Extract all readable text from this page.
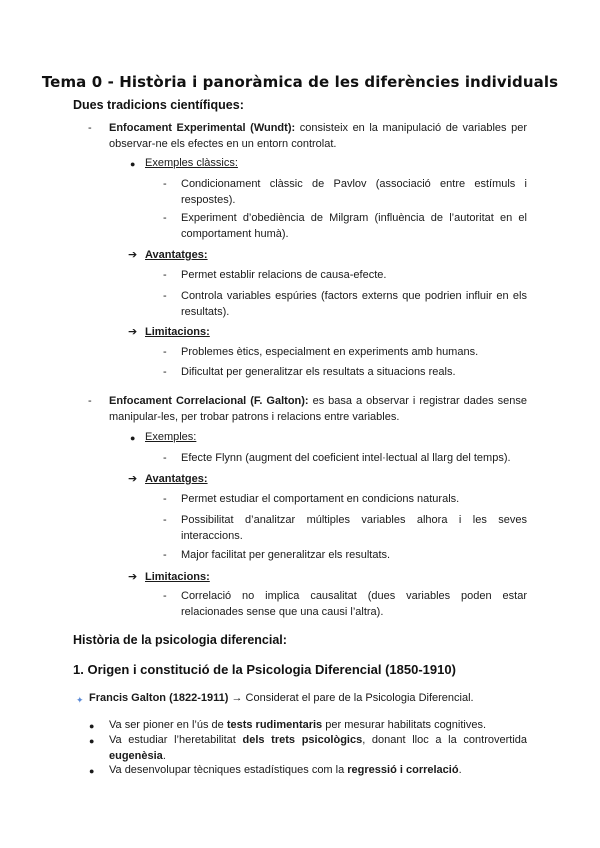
Tema 0 - Història i panoràmica de les diferències individuals
Dues tradicions científiques:
- Enfocament Experimental (Wundt): consisteix en la manipulació de variables per observar-ne els efectes en un entorn controlat.
● Exemples clàssics:
- Condicionament clàssic de Pavlov (associació entre estímuls i respostes).
- Experiment d’obediència de Milgram (influència de l’autoritat en el comportament humà).
➔ Avantatges:
- Permet establir relacions de causa-efecte.
- Controla variables espúries (factors externs que podrien influir en els resultats).
➔ Limitacions:
- Problemes ètics, especialment en experiments amb humans.
- Dificultat per generalitzar els resultats a situacions reals.
- Enfocament Correlacional (F. Galton): es basa a observar i registrar dades sense manipular-les, per trobar patrons i relacions entre variables.
● Exemples:
- Efecte Flynn (augment del coeficient intel·lectual al llarg del temps).
➔ Avantatges:
- Permet estudiar el comportament en condicions naturals.
- Possibilitat d’analitzar múltiples variables alhora i les seves interaccions.
- Major facilitat per generalitzar els resultats.
➔ Limitacions:
- Correlació no implica causalitat (dues variables poden estar relacionades sense que una causi l’altra).
Història de la psicologia diferencial:
1. Origen i constitució de la Psicologia Diferencial (1850-1910)
✦ Francis Galton (1822-1911) → Considerat el pare de la Psicologia Diferencial.
● Va ser pioner en l’ús de tests rudimentaris per mesurar habilitats cognitives.
● Va estudiar l’heretabilitat dels trets psicològics, donant lloc a la controvertida eugenèsia.
● Va desenvolupar tècniques estadístiques com la regressió i correlació.
